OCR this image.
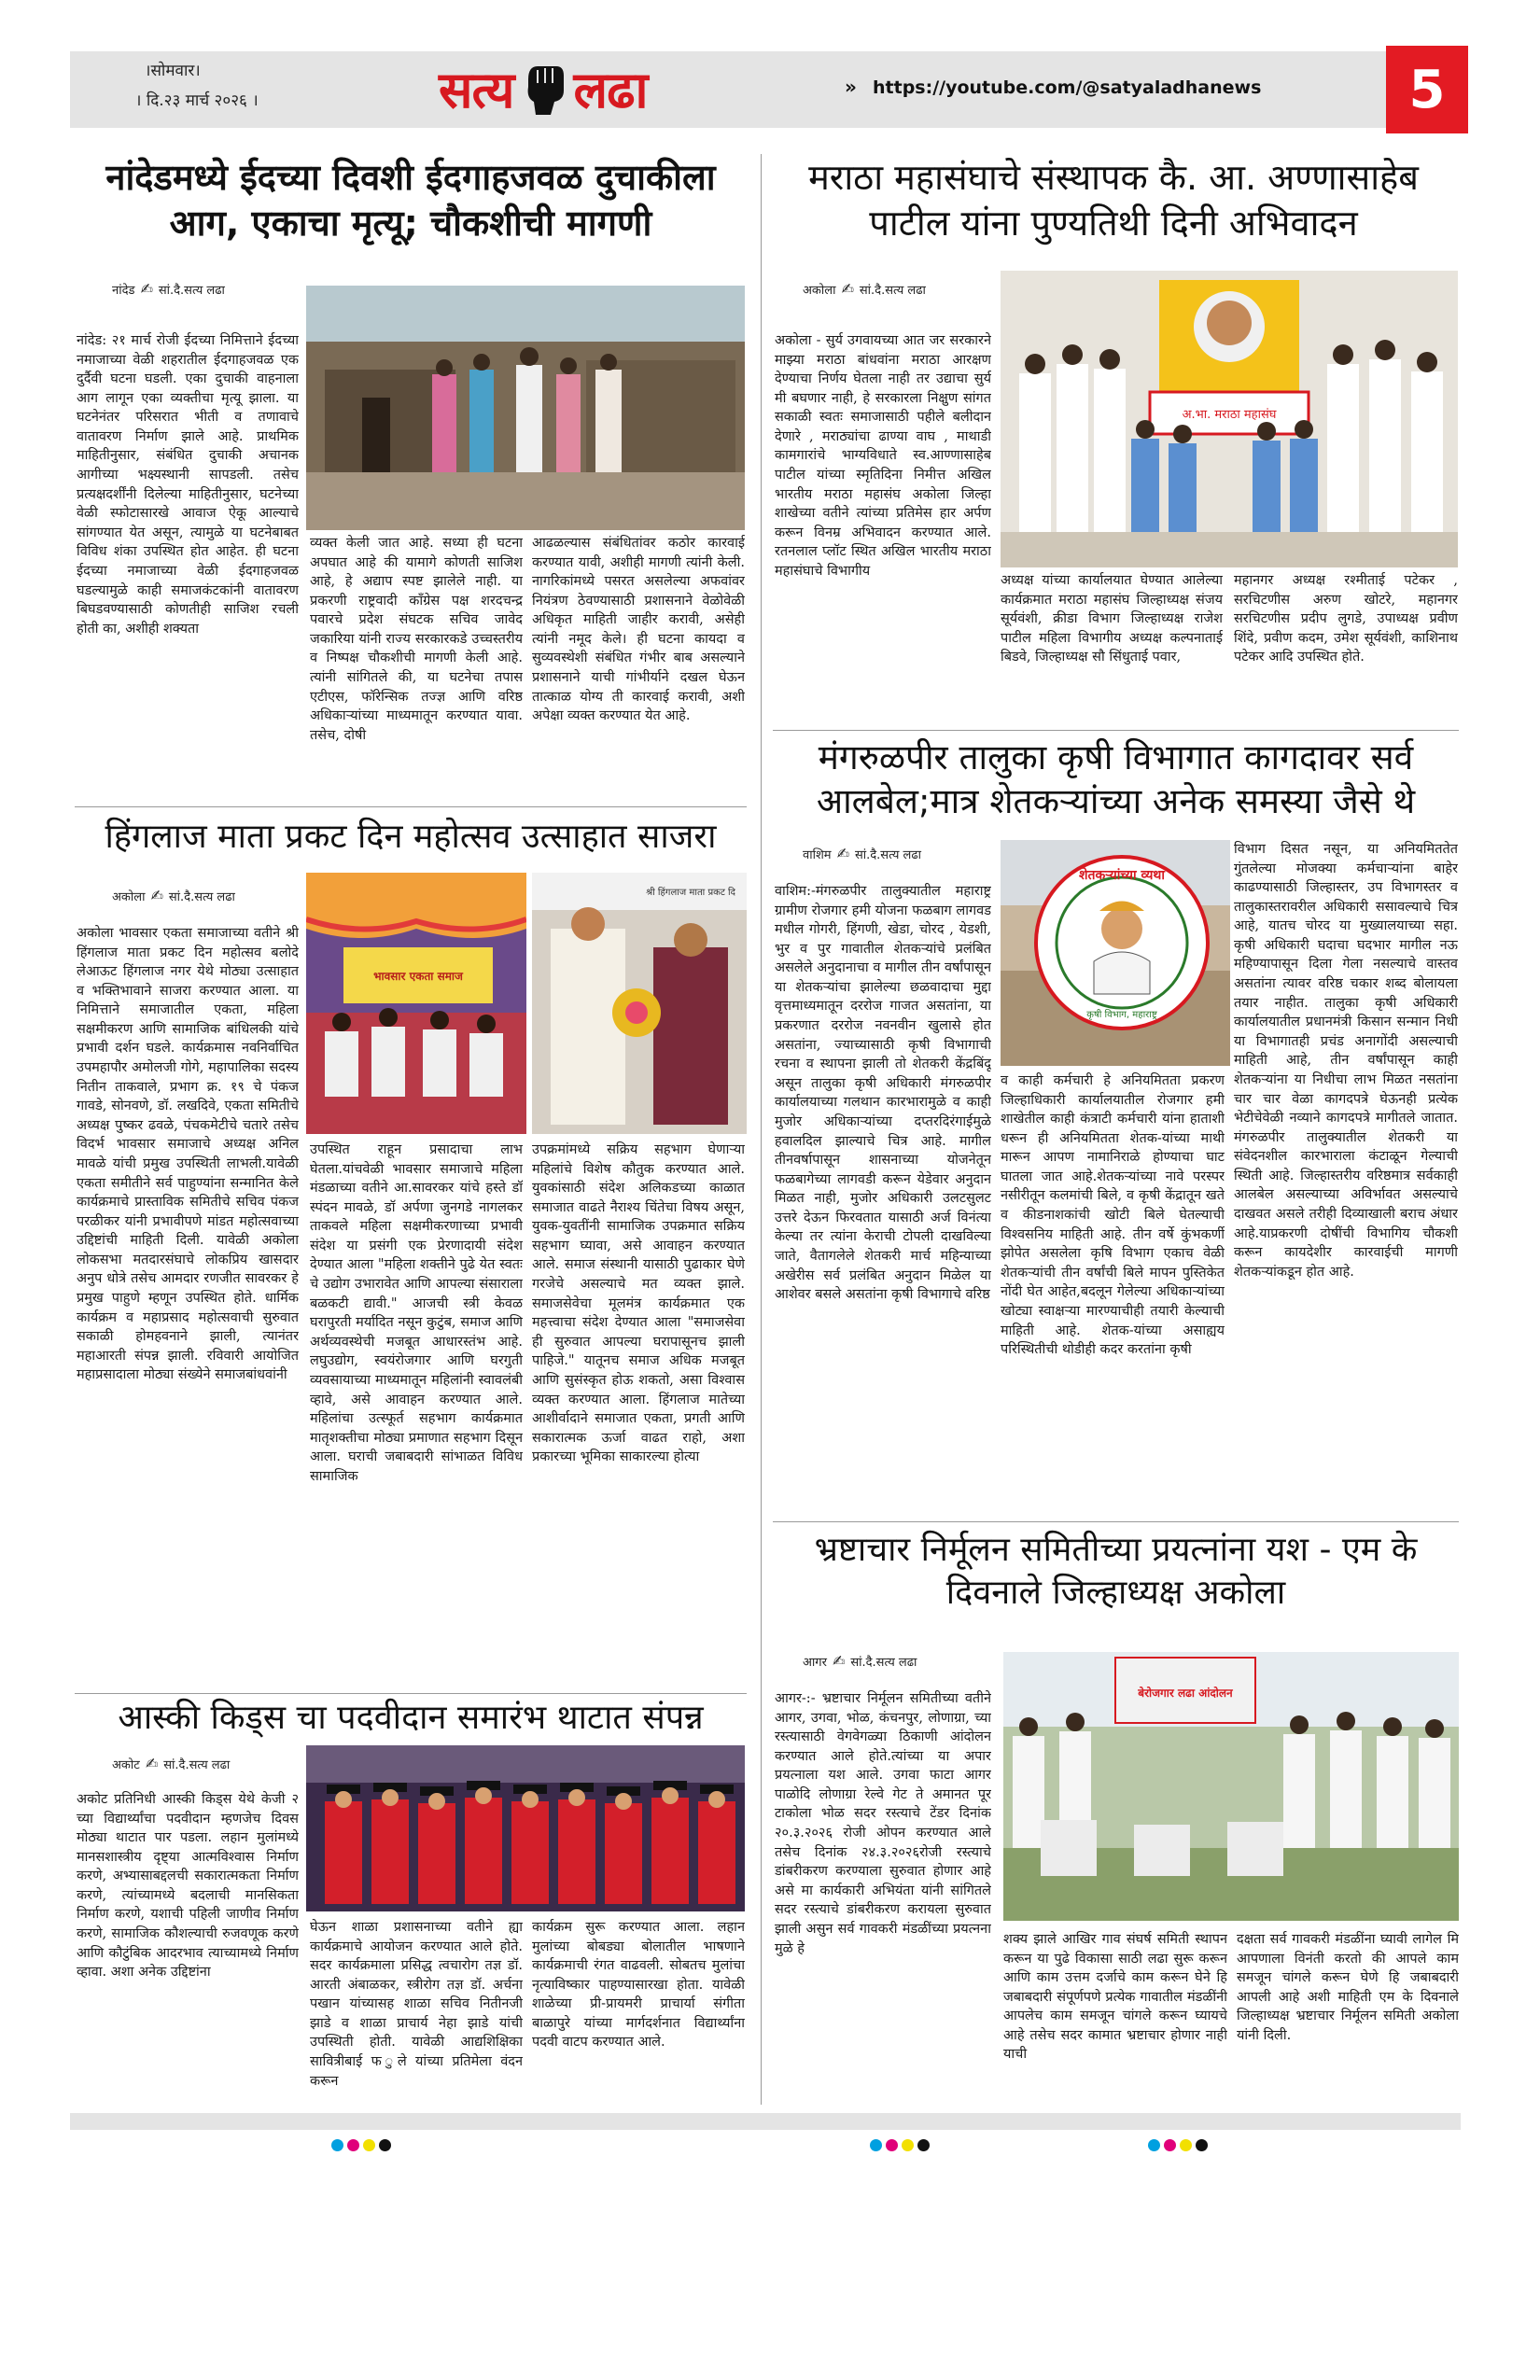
।सोमवार।
। दि.२३ मार्च २०२६ ।	सत्य लढा	» https://youtube.com/@satyaladhanews	5
नांदेडमध्ये ईदच्या दिवशी ईदगाहजवळ दुचाकीला आग, एकाचा मृत्यू; चौकशीची मागणी
नांदेड ✍ सां.दै.सत्य लढा
नांदेड: २१ मार्च रोजी ईदच्या निमित्ताने ईदच्या नमाजाच्या वेळी शहरातील ईदगाहजवळ एक दुर्दैवी घटना घडली. एका दुचाकी वाहनाला आग लागून एका व्यक्तीचा मृत्यू झाला. या घटनेनंतर परिसरात भीती व तणावाचे वातावरण निर्माण झाले आहे. प्राथमिक माहितीनुसार, संबंधित दुचाकी अचानक आगीच्या भक्ष्यस्थानी सापडली. तसेच प्रत्यक्षदर्शींनी दिलेल्या माहितीनुसार, घटनेच्या वेळी स्फोटासारखे आवाज ऐकू आल्याचे सांगण्यात येत असून, त्यामुळे या घटनेबाबत विविध शंका उपस्थित होत आहेत. ही घटना ईदच्या नमाजाच्या वेळी ईदगाहजवळ घडल्यामुळे काही समाजकंटकांनी वातावरण बिघडवण्यासाठी कोणतीही साजिश रचली होती का, अशीही शक्यता
व्यक्त केली जात आहे. सध्या ही घटना अपघात आहे की यामागे कोणती साजिश आहे, हे अद्याप स्पष्ट झालेले नाही. या प्रकरणी राष्ट्रवादी काँग्रेस पक्ष शरदचन्द्र पवारचे प्रदेश संघटक सचिव जावेद जकारिया यांनी राज्य सरकारकडे उच्चस्तरीय व निष्पक्ष चौकशीची मागणी केली आहे. त्यांनी सांगितले की, या घटनेचा तपास एटीएस, फॉरेन्सिक तज्ज्ञ आणि वरिष्ठ अधिकाऱ्यांच्या माध्यमातून करण्यात यावा. तसेच, दोषी
आढळल्यास संबंधितांवर कठोर कारवाई करण्यात यावी, अशीही मागणी त्यांनी केली. नागरिकांमध्ये पसरत असलेल्या अफवांवर नियंत्रण ठेवण्यासाठी प्रशासनाने वेळोवेळी अधिकृत माहिती जाहीर करावी, असेही त्यांनी नमूद केले। ही घटना कायदा व सुव्यवस्थेशी संबंधित गंभीर बाब असल्याने प्रशासनाने याची गांभीर्याने दखल घेऊन तात्काळ योग्य ती कारवाई करावी, अशी अपेक्षा व्यक्त करण्यात येत आहे.
मराठा महासंघाचे संस्थापक कै. आ. अण्णासाहेब पाटील यांना पुण्यतिथी दिनी अभिवादन
अकोला ✍ सां.दै.सत्य लढा
अकोला - सुर्य उगवायच्या आत जर सरकारने माझ्या मराठा बांधवांना मराठा आरक्षण देण्याचा निर्णय घेतला नाही तर उद्याचा सुर्य मी बघणार नाही, हे सरकारला निक्षुण सांगत सकाळी स्वतः समाजासाठी पहीले बलीदान देणारे , मराठ्यांचा ढाण्या वाघ , माथाडी कामगारांचे भाग्यविधाते स्व.आण्णासाहेब पाटील यांच्या स्मृतिदिना निमीत्त अखिल भारतीय मराठा महासंघ अकोला जिल्हा शाखेच्या वतीने त्यांच्या प्रतिमेस हार अर्पण करून विनम्र अभिवादन करण्यात आले. रतनलाल प्लॉट स्थित अखिल भारतीय मराठा महासंघाचे विभागीय
अ.भा. मराठा महासंघ
अध्यक्ष यांच्या कार्यालयात घेण्यात आलेल्या कार्यक्रमात मराठा महासंघ जिल्हाध्यक्ष संजय सूर्यवंशी, क्रीडा विभाग जिल्हाध्यक्ष राजेश पाटील महिला विभागीय अध्यक्ष कल्पनाताई बिडवे, जिल्हाध्यक्ष सौ सिंधुताई पवार,
महानगर अध्यक्ष रश्मीताई पटेकर , सरचिटणीस अरुण खोटरे, महानगर सरचिटणीस प्रदीप लुगडे, उपाध्यक्ष प्रवीण शिंदे, प्रवीण कदम, उमेश सूर्यवंशी, काशिनाथ पटेकर आदि उपस्थित होते.
मंगरुळपीर तालुका कृषी विभागात कागदावर सर्व आलबेल;मात्र शेतकऱ्यांच्या अनेक समस्या जैसे थे
वाशिम ✍ सां.दै.सत्य लढा
वाशिम:-मंगरुळपीर तालुक्यातील महाराष्ट्र ग्रामीण रोजगार हमी योजना फळबाग लागवड मधील गोगरी, हिंगणी, खेडा, चोरद , येडशी, भुर व पुर गावातील शेतकऱ्यांचे प्रलंबित असलेले अनुदानाचा व मागील तीन वर्षांपासून या शेतकऱ्यांचा झालेल्या छळवादाचा मुद्दा वृत्तमाध्यमातून दररोज गाजत असतांना, या प्रकरणात दररोज नवनवीन खुलासे होत असतांना, ज्याच्यासाठी कृषी विभागाची रचना व स्थापना झाली तो शेतकरी केंद्रबिंदू असून तालुका कृषी अधिकारी मंगरुळपीर कार्यालयाच्या गलथान कारभारामुळे व काही मुजोर अधिकाऱ्यांच्या दप्तरदिरंगाईमुळे हवालदिल झाल्याचे चित्र आहे. मागील तीनवर्षापासून शासनाच्या योजनेतून फळबागेच्या लागवडी करून येडेवार अनुदान मिळत नाही, मुजोर अधिकारी उलटसुलट उत्तरे देऊन फिरवतात यासाठी अर्ज विनंत्या केल्या तर त्यांना केराची टोपली दाखविल्या जाते, वैतागलेले शेतकरी मार्च महिन्याच्या अखेरीस सर्व प्रलंबित अनुदान मिळेल या आशेवर बसले असतांना कृषी विभागाचे वरिष्ठ
शेतकऱ्यांच्या व्यथा
कृषी विभाग, महाराष्ट्र
व काही कर्मचारी हे अनियमितता प्रकरण जिल्हाधिकारी कार्यालयातील रोजगार हमी शाखेतील काही कंत्राटी कर्मचारी यांना हाताशी धरून ही अनियमितता शेतक-यांच्या माथी मारून आपण नामानिराळे होण्याचा घाट घातला जात आहे.शेतकऱ्यांच्या नावे परस्पर नसीरीतून कलमांची बिले, व कृषी केंद्रातून खते व कीडनाशकांची खोटी बिले घेतल्याची विश्वसनिय माहिती आहे. तीन वर्षे कुंभकर्णी झोपेत असलेला कृषि विभाग एकाच वेळी शेतकऱ्यांची तीन वर्षांची बिले मापन पुस्तिकेत नोंदी घेत आहेत,बदलून गेलेल्या अधिकाऱ्यांच्या खोट्या स्वाक्षऱ्या मारण्याचीही तयारी केल्याची माहिती आहे. शेतक-यांच्या असाह्यय परिस्थितीची थोडीही कदर करतांना कृषी
विभाग दिसत नसून, या अनियमिततेत गुंतलेल्या मोजक्या कर्मचाऱ्यांना बाहेर काढण्यासाठी जिल्हास्तर, उप विभागस्तर व तालुकास्तरावरील अधिकारी ससावल्याचे चित्र आहे, यातच चोरद या मुख्यालयाच्या सहा. कृषी अधिकारी घदाचा घदभार मागील नऊ महिण्यापासून दिला गेला नसल्याचे वास्तव असतांना त्यावर वरिष्ठ चकार शब्द बोलायला तयार नाहीत. तालुका कृषी अधिकारी कार्यालयातील प्रधानमंत्री किसान सन्मान निधी या विभागातही प्रचंड अनागोंदी असल्याची माहिती आहे, तीन वर्षांपासून काही शेतकऱ्यांना या निधीचा लाभ मिळत नसतांना चार चार वेळा कागदपत्रे घेऊनही प्रत्येक भेटीचेवेळी नव्याने कागदपत्रे मागीतले जातात. मंगरुळपीर तालुक्यातील शेतकरी या संवेदनशील कारभाराला कंटाळून गेल्याची स्थिती आहे. जिल्हास्तरीय वरिष्ठमात्र सर्वकाही आलबेल असल्याच्या अविर्भावत असल्याचे दाखवत असले तरीही दिव्याखाली बराच अंधार आहे.याप्रकरणी दोषींची विभागिय चौकशी करून कायदेशीर कारवाईची मागणी शेतकऱ्यांकडून होत आहे.
हिंगलाज माता प्रकट दिन महोत्सव उत्साहात साजरा
अकोला ✍ सां.दै.सत्य लढा
अकोला भावसार एकता समाजाच्या वतीने श्री हिंगलाज माता प्रकट दिन महोत्सव बलोदे लेआऊट हिंगलाज नगर येथे मोठ्या उत्साहात व भक्तिभावाने साजरा करण्यात आला. या निमित्ताने समाजातील एकता, महिला सक्षमीकरण आणि सामाजिक बांधिलकी यांचे प्रभावी दर्शन घडले. कार्यक्रमास नवनिर्वाचित उपमहापौर अमोलजी गोगे, महापालिका सदस्य नितीन ताकवाले, प्रभाग क्र. १९ चे पंकज गावडे, सोनवणे, डॉ. लखदिवे, एकता समितीचे अध्यक्ष पुष्कर ढवळे, पंचकमेटीचे चतारे तसेच विदर्भ भावसार समाजाचे अध्यक्ष अनिल मावळे यांची प्रमुख उपस्थिती लाभली.यावेळी एकता समीतीने सर्व पाहुण्यांना सन्मानित केले कार्यक्रमाचे प्रास्ताविक समितीचे सचिव पंकज परळीकर यांनी प्रभावीपणे मांडत महोत्सवाच्या उद्दिष्टांची माहिती दिली. यावेळी अकोला लोकसभा मतदारसंघाचे लोकप्रिय खासदार अनुप धोत्रे तसेच आमदार रणजीत सावरकर हे प्रमुख पाहुणे म्हणून उपस्थित होते. धार्मिक कार्यक्रम व महाप्रसाद महोत्सवाची सुरुवात सकाळी होमहवनाने झाली, त्यानंतर महाआरती संपन्न झाली. रविवारी आयोजित महाप्रसादाला मोठ्या संख्येने समाजबांधवांनी
भावसार एकता समाज
श्री हिंगलाज माता प्रकट दि
उपस्थित राहून प्रसादाचा लाभ घेतला.यांचवेळी भावसार समाजाचे महिला मंडळाच्या वतीने आ.सावरकर यांचे हस्ते डॉ स्पंदन मावळे, डॉ अर्पणा जुनगडे नागलकर ताकवले महिला सक्षमीकरणाच्या प्रभावी संदेश या प्रसंगी एक प्रेरणादायी संदेश देण्यात आला "महिला शक्तीने पुढे येत स्वतः चे उद्योग उभारावेत आणि आपल्या संसाराला बळकटी द्यावी." आजची स्त्री केवळ घरापुरती मर्यादित नसून कुटुंब, समाज आणि अर्थव्यवस्थेची मजबूत आधारस्तंभ आहे. लघुउद्योग, स्वयंरोजगार आणि घरगुती व्यवसायाच्या माध्यमातून महिलांनी स्वावलंबी व्हावे, असे आवाहन करण्यात आले. महिलांचा उत्स्फूर्त सहभाग कार्यक्रमात मातृशक्तीचा मोठ्या प्रमाणात सहभाग दिसून आला. घराची जबाबदारी सांभाळत विविध सामाजिक
उपक्रमांमध्ये सक्रिय सहभाग घेणाऱ्या महिलांचे विशेष कौतुक करण्यात आले. युवकांसाठी संदेश अलिकडच्या काळात समाजात वाढते नैराश्य चिंतेचा विषय असून, युवक-युवतींनी सामाजिक उपक्रमात सक्रिय सहभाग घ्यावा, असे आवाहन करण्यात आले. समाज संस्थानी यासाठी पुढाकार घेणे गरजेचे असल्याचे मत व्यक्त झाले. समाजसेवेचा मूलमंत्र कार्यक्रमात एक महत्त्वाचा संदेश देण्यात आला "समाजसेवा ही सुरुवात आपल्या घरापासूनच झाली पाहिजे." यातूनच समाज अधिक मजबूत आणि सुसंस्कृत होऊ शकतो, असा विश्वास व्यक्त करण्यात आला. हिंगलाज मातेच्या आशीर्वादाने समाजात एकता, प्रगती आणि सकारात्मक ऊर्जा वाढत राहो, अशा प्रकारच्या भूमिका साकारल्या होत्या
भ्रष्टाचार निर्मूलन समितीच्या प्रयत्नांना यश - एम के दिवनाले जिल्हाध्यक्ष अकोला
आगर ✍ सां.दै.सत्य लढा
आगर-:- भ्रष्टाचार निर्मूलन समितीच्या वतीने आगर, उगवा, भोळ, कंचनपुर, लोणाग्रा, च्या रस्त्यासाठी वेगवेगळ्या ठिकाणी आंदोलन करण्यात आले होते.त्यांच्या या अपार प्रयत्नाला यश आले. उगवा फाटा आगर पाळोदि लोणाग्रा रेल्वे गेट ते अमानत पूर टाकोला भोळ सदर रस्त्याचे टेंडर दिनांक २०.३.२०२६ रोजी ओपन करण्यात आले तसेच दिनांक २४.३.२०२६रोजी रस्त्याचे डांबरीकरण करण्याला सुरुवात होणार आहे असे मा कार्यकारी अभियंता यांनी सांगितले सदर रस्त्याचे डांबरीकरण करायला सुरुवात झाली असुन सर्व गावकरी मंडळींच्या प्रयत्नना मुळे हे
बेरोजगार लढा आंदोलन
शक्य झाले आखिर गाव संघर्ष समिती स्थापन करून या पुढे विकासा साठी लढा सुरू करून आणि काम उत्तम दर्जाचे काम करून घेने हि जबाबदारी संपूर्णपणे प्रत्येक गावातील मंडळींनी आपलेच काम समजून चांगले करून घ्यायचे आहे तसेच सदर कामात भ्रष्टाचार होणार नाही याची
दक्षता सर्व गावकरी मंडळींना घ्यावी लागेल मि आपणाला विनंती करतो की आपले काम समजून चांगले करून घेणे हि जबाबदारी आपली आहे अशी माहिती एम के दिवनाले जिल्हाध्यक्ष भ्रष्टाचार निर्मूलन समिती अकोला यांनी दिली.
आस्की किड्स चा पदवीदान समारंभ थाटात संपन्न
अकोट ✍ सां.दै.सत्य लढा
अकोट प्रतिनिधी आस्की किड्स येथे केजी २ च्या विद्यार्थ्यांचा पदवीदान म्हणजेच दिवस मोठ्या थाटात पार पडला. लहान मुलांमध्ये मानसशास्त्रीय दृष्ट्या आत्मविश्वास निर्माण करणे, अभ्यासाबद्दलची सकारात्मकता निर्माण करणे, त्यांच्यामध्ये बदलाची मानसिकता निर्माण करणे, यशाची पहिली जाणीव निर्माण करणे, सामाजिक कौशल्याची रुजवणूक करणे आणि कौटुंबिक आदरभाव त्याच्यामध्ये निर्माण व्हावा. अशा अनेक उद्दिष्टांना
घेऊन शाळा प्रशासनाच्या वतीने ह्या कार्यक्रमाचे आयोजन करण्यात आले होते. सदर कार्यक्रमाला प्रसिद्ध त्वचारोग तज्ञ डॉ. आरती अंबाळकर, स्त्रीरोग तज्ञ डॉ. अर्चना पखान यांच्यासह शाळा सचिव नितीनजी झाडे व शाळा प्राचार्य नेहा झाडे यांची उपस्थिती होती. यावेळी आद्यशिक्षिका सावित्रीबाई फ ुले यांच्या प्रतिमेला वंदन करून
कार्यक्रम सुरू करण्यात आला. लहान मुलांच्या बोबड्या बोलातील भाषणाने कार्यक्रमाची रंगत वाढवली. सोबतच मुलांचा नृत्याविष्कार पाहण्यासारखा होता. यावेळी शाळेच्या प्री-प्रायमरी प्राचार्या संगीता बाळापुरे यांच्या मार्गदर्शनात विद्यार्थ्यांना पदवी वाटप करण्यात आले.
